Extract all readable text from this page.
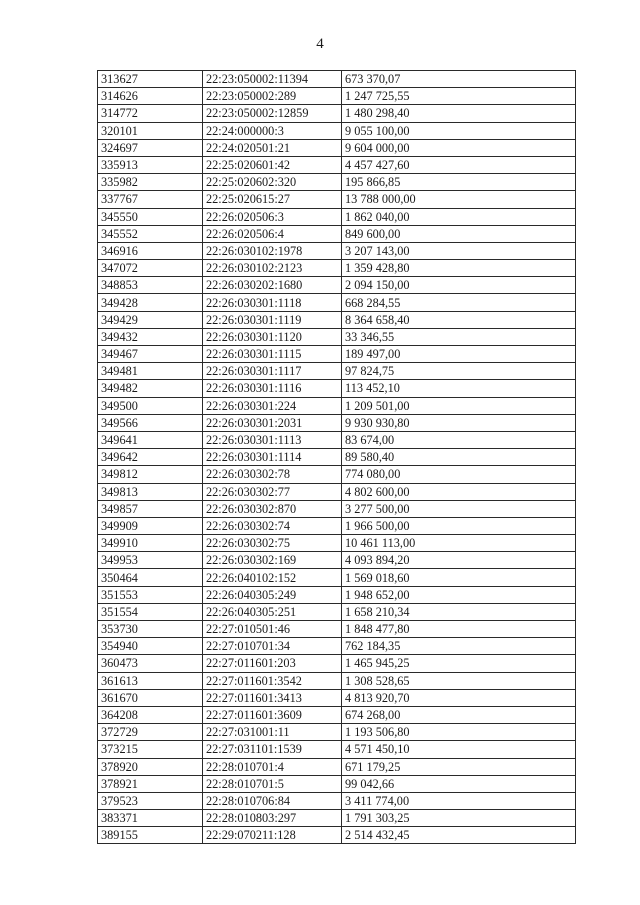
4
313627	22:23:050002:11394	673 370,07
314626	22:23:050002:289	1 247 725,55
314772	22:23:050002:12859	1 480 298,40
320101	22:24:000000:3	9 055 100,00
324697	22:24:020501:21	9 604 000,00
335913	22:25:020601:42	4 457 427,60
335982	22:25:020602:320	195 866,85
337767	22:25:020615:27	13 788 000,00
345550	22:26:020506:3	1 862 040,00
345552	22:26:020506:4	849 600,00
346916	22:26:030102:1978	3 207 143,00
347072	22:26:030102:2123	1 359 428,80
348853	22:26:030202:1680	2 094 150,00
349428	22:26:030301:1118	668 284,55
349429	22:26:030301:1119	8 364 658,40
349432	22:26:030301:1120	33 346,55
349467	22:26:030301:1115	189 497,00
349481	22:26:030301:1117	97 824,75
349482	22:26:030301:1116	113 452,10
349500	22:26:030301:224	1 209 501,00
349566	22:26:030301:2031	9 930 930,80
349641	22:26:030301:1113	83 674,00
349642	22:26:030301:1114	89 580,40
349812	22:26:030302:78	774 080,00
349813	22:26:030302:77	4 802 600,00
349857	22:26:030302:870	3 277 500,00
349909	22:26:030302:74	1 966 500,00
349910	22:26:030302:75	10 461 113,00
349953	22:26:030302:169	4 093 894,20
350464	22:26:040102:152	1 569 018,60
351553	22:26:040305:249	1 948 652,00
351554	22:26:040305:251	1 658 210,34
353730	22:27:010501:46	1 848 477,80
354940	22:27:010701:34	762 184,35
360473	22:27:011601:203	1 465 945,25
361613	22:27:011601:3542	1 308 528,65
361670	22:27:011601:3413	4 813 920,70
364208	22:27:011601:3609	674 268,00
372729	22:27:031001:11	1 193 506,80
373215	22:27:031101:1539	4 571 450,10
378920	22:28:010701:4	671 179,25
378921	22:28:010701:5	99 042,66
379523	22:28:010706:84	3 411 774,00
383371	22:28:010803:297	1 791 303,25
389155	22:29:070211:128	2 514 432,45
